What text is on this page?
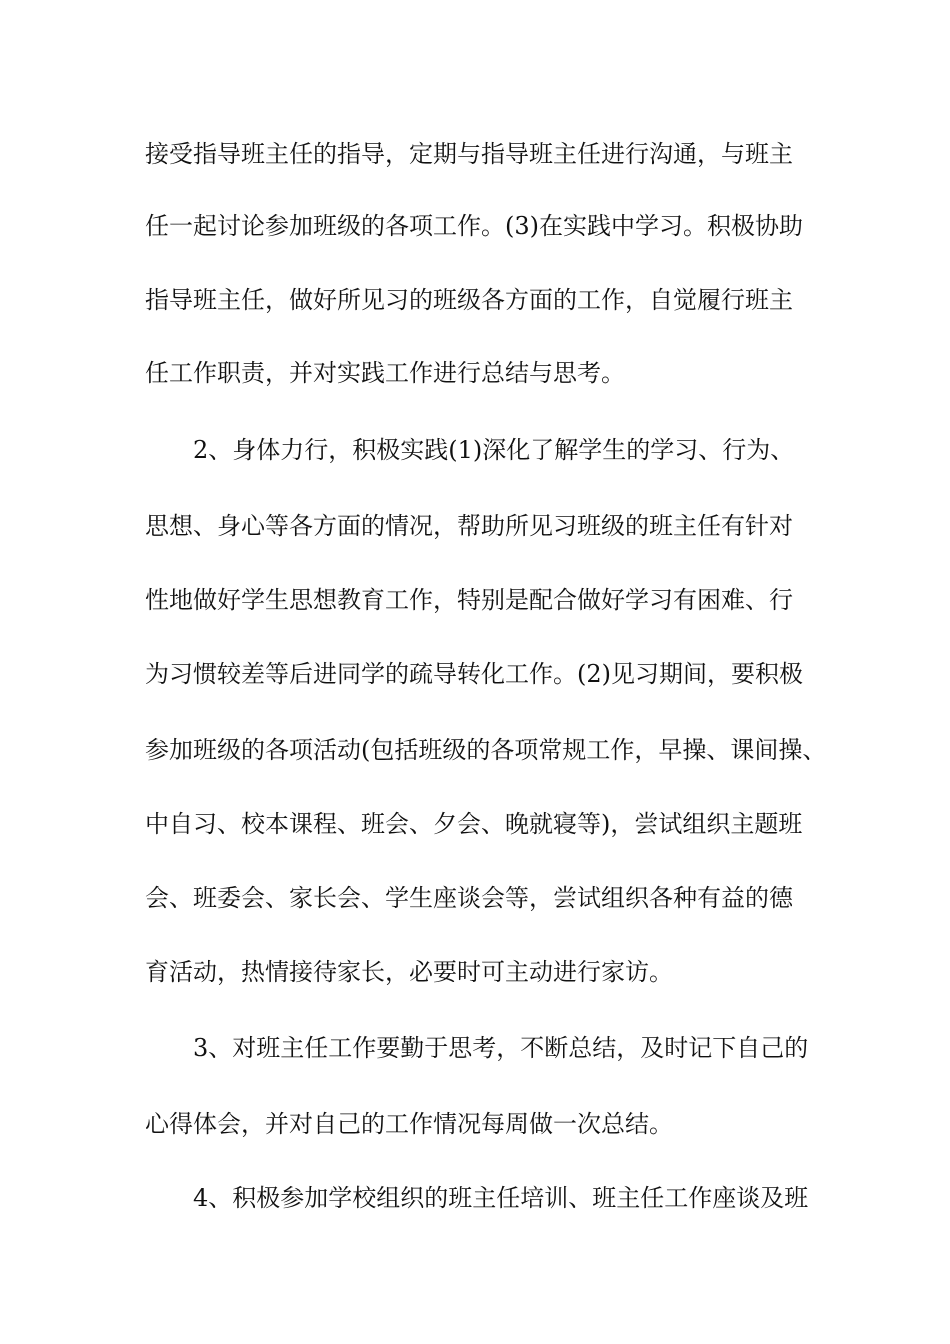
接受指导班主任的指导，定期与指导班主任进行沟通，与班主
任一起讨论参加班级的各项工作。(3)在实践中学习。积极协助
指导班主任，做好所见习的班级各方面的工作，自觉履行班主
任工作职责，并对实践工作进行总结与思考。
2、身体力行，积极实践(1)深化了解学生的学习、行为、
思想、身心等各方面的情况，帮助所见习班级的班主任有针对
性地做好学生思想教育工作，特别是配合做好学习有困难、行
为习惯较差等后进同学的疏导转化工作。(2)见习期间，要积极
参加班级的各项活动(包括班级的各项常规工作，早操、课间操、
中自习、校本课程、班会、夕会、晚就寝等)，尝试组织主题班
会、班委会、家长会、学生座谈会等，尝试组织各种有益的德
育活动，热情接待家长，必要时可主动进行家访。
3、对班主任工作要勤于思考，不断总结，及时记下自己的
心得体会，并对自己的工作情况每周做一次总结。
4、积极参加学校组织的班主任培训、班主任工作座谈及班
